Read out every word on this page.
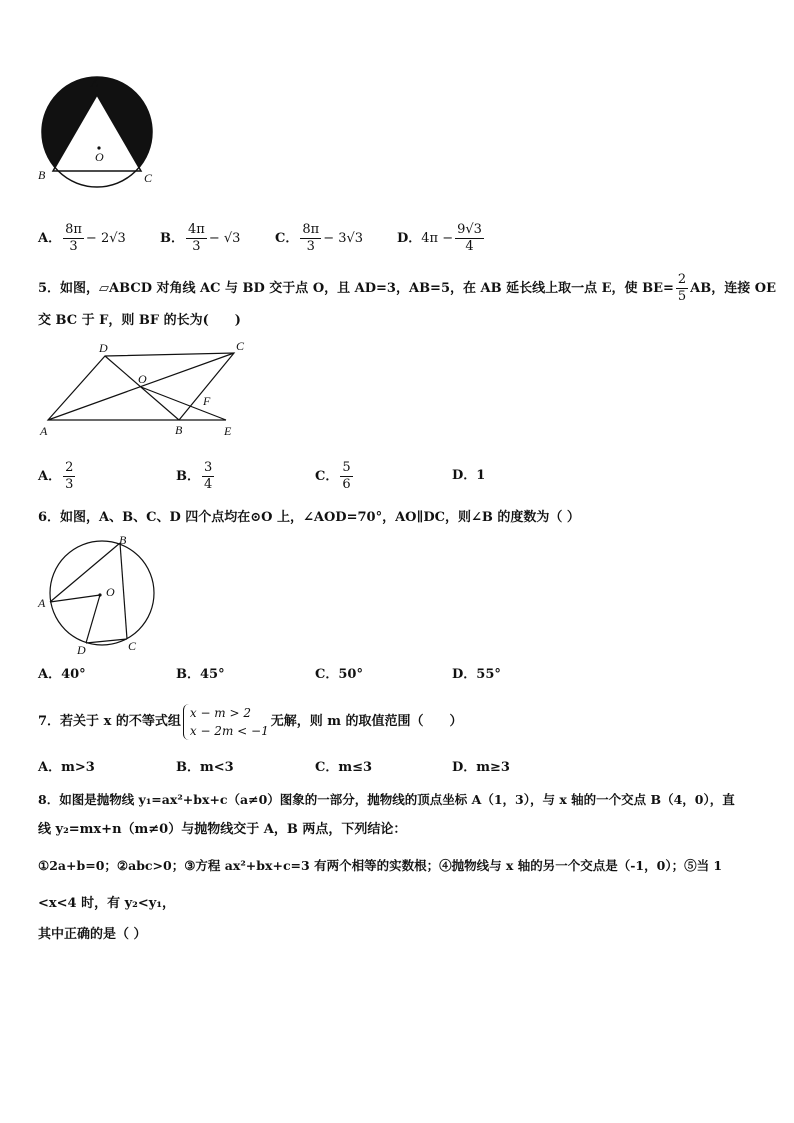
A
O
B	C
A． $\frac{8\pi}{3} - 2√3$	B． $\frac{4\pi}{3} - √3$	C． $\frac{8\pi}{3} - 3√3$	D．$4\pi - \frac{9√3}{4}$
5．如图，▱ABCD 对角线 AC 与 BD 交于点 O，且 AD=3，AB=5，在 AB 延长线上取一点 E，使 $BE= \frac{2}{5}$ AB，连接 OE
交 BC 于 F，则 BF 的长为(　　)
D	C
O
F
A	B	E
A． $\frac{2}{3}$	B． $\frac{3}{4}$	C． $\frac{5}{6}$	D．1
6．如图，A、B、C、D 四个点均在⊙O 上，∠AOD=70°，AO∥DC，则∠B 的度数为（ ）
B
O
A
C
D
A．40°	B．45°	C．50°	D．55°
7．若关于 x 的不等式组
x − m > 2
x − 2m < −1
无解，则 m 的取值范围（　　）
A．m>3	B．m<3	C．m≤3	D．m≥3
8．如图是抛物线 y₁=ax²+bx+c（a≠0）图象的一部分，抛物线的顶点坐标 A（1，3），与 x 轴的一个交点 B（4，0），直
线 y₂=mx+n（m≠0）与抛物线交于 A，B 两点，下列结论：
①2a+b=0；②abc>0；③方程 ax²+bx+c=3 有两个相等的实数根；④抛物线与 x 轴的另一个交点是（-1，0）；⑤当 1
<x<4 时，有 y₂<y₁，
其中正确的是（ ）
